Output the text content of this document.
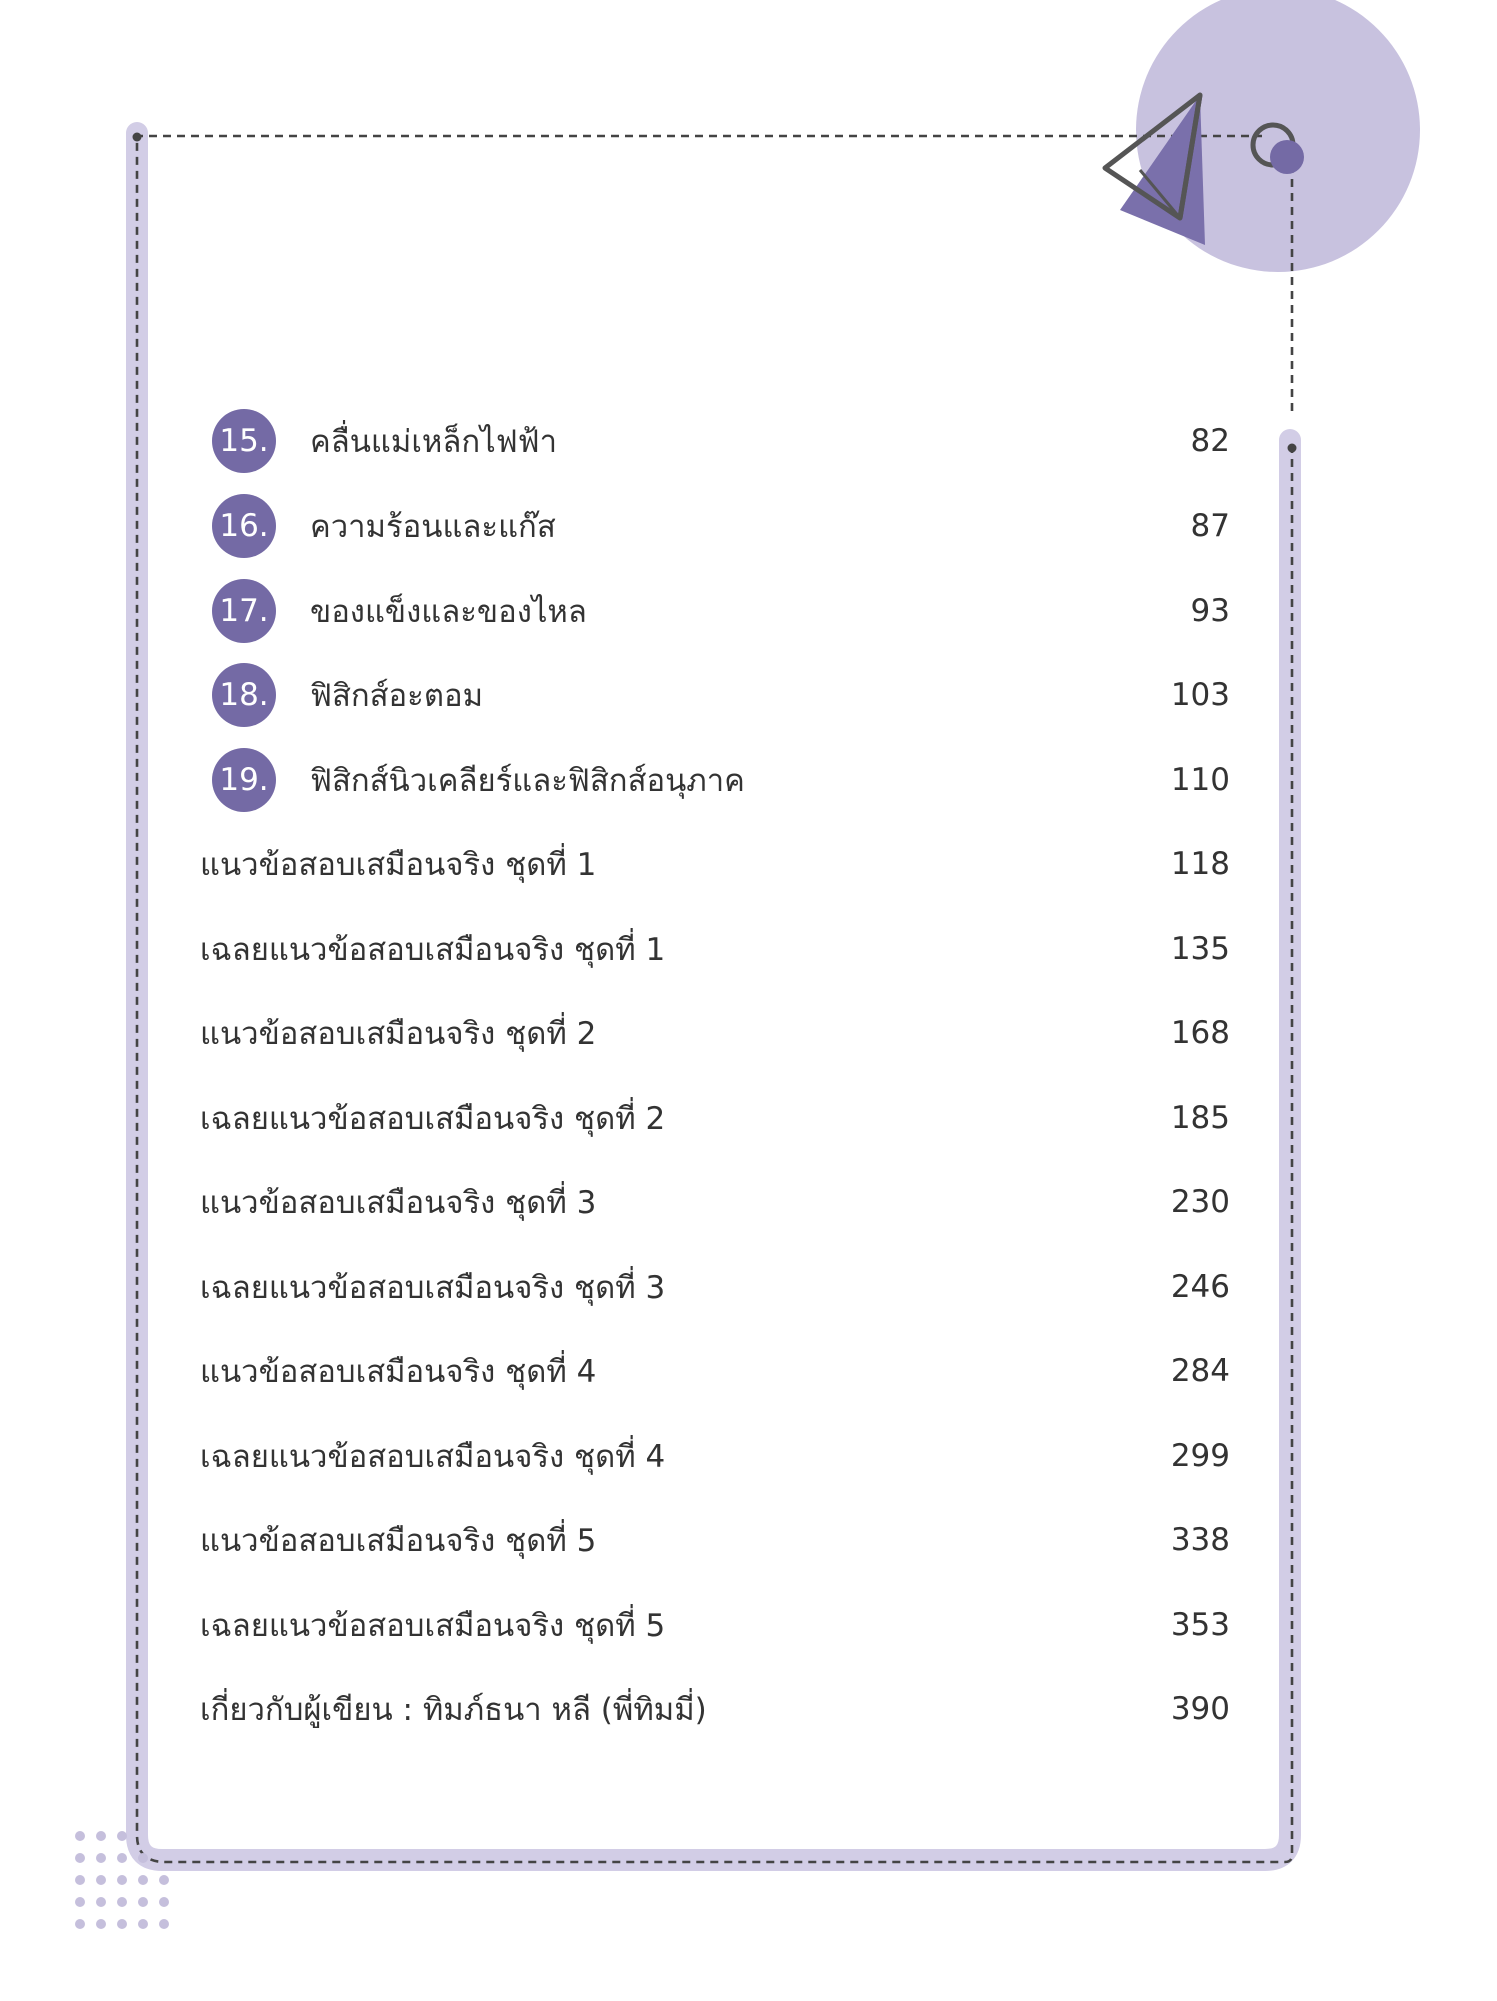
15. คลื่นแม่เหล็กไฟฟ้า	82
16. ความร้อนและแก๊ส	87
17. ของแข็งและของไหล	93
18. ฟิสิกส์อะตอม	103
19. ฟิสิกส์นิวเคลียร์และฟิสิกส์อนุภาค	110
แนวข้อสอบเสมือนจริง ชุดที่ 1	118
เฉลยแนวข้อสอบเสมือนจริง ชุดที่ 1	135
แนวข้อสอบเสมือนจริง ชุดที่ 2	168
เฉลยแนวข้อสอบเสมือนจริง ชุดที่ 2	185
แนวข้อสอบเสมือนจริง ชุดที่ 3	230
เฉลยแนวข้อสอบเสมือนจริง ชุดที่ 3	246
แนวข้อสอบเสมือนจริง ชุดที่ 4	284
เฉลยแนวข้อสอบเสมือนจริง ชุดที่ 4	299
แนวข้อสอบเสมือนจริง ชุดที่ 5	338
เฉลยแนวข้อสอบเสมือนจริง ชุดที่ 5	353
เกี่ยวกับผู้เขียน : ทิมภ์ธนา หลี (พี่ทิมมี่)	390
